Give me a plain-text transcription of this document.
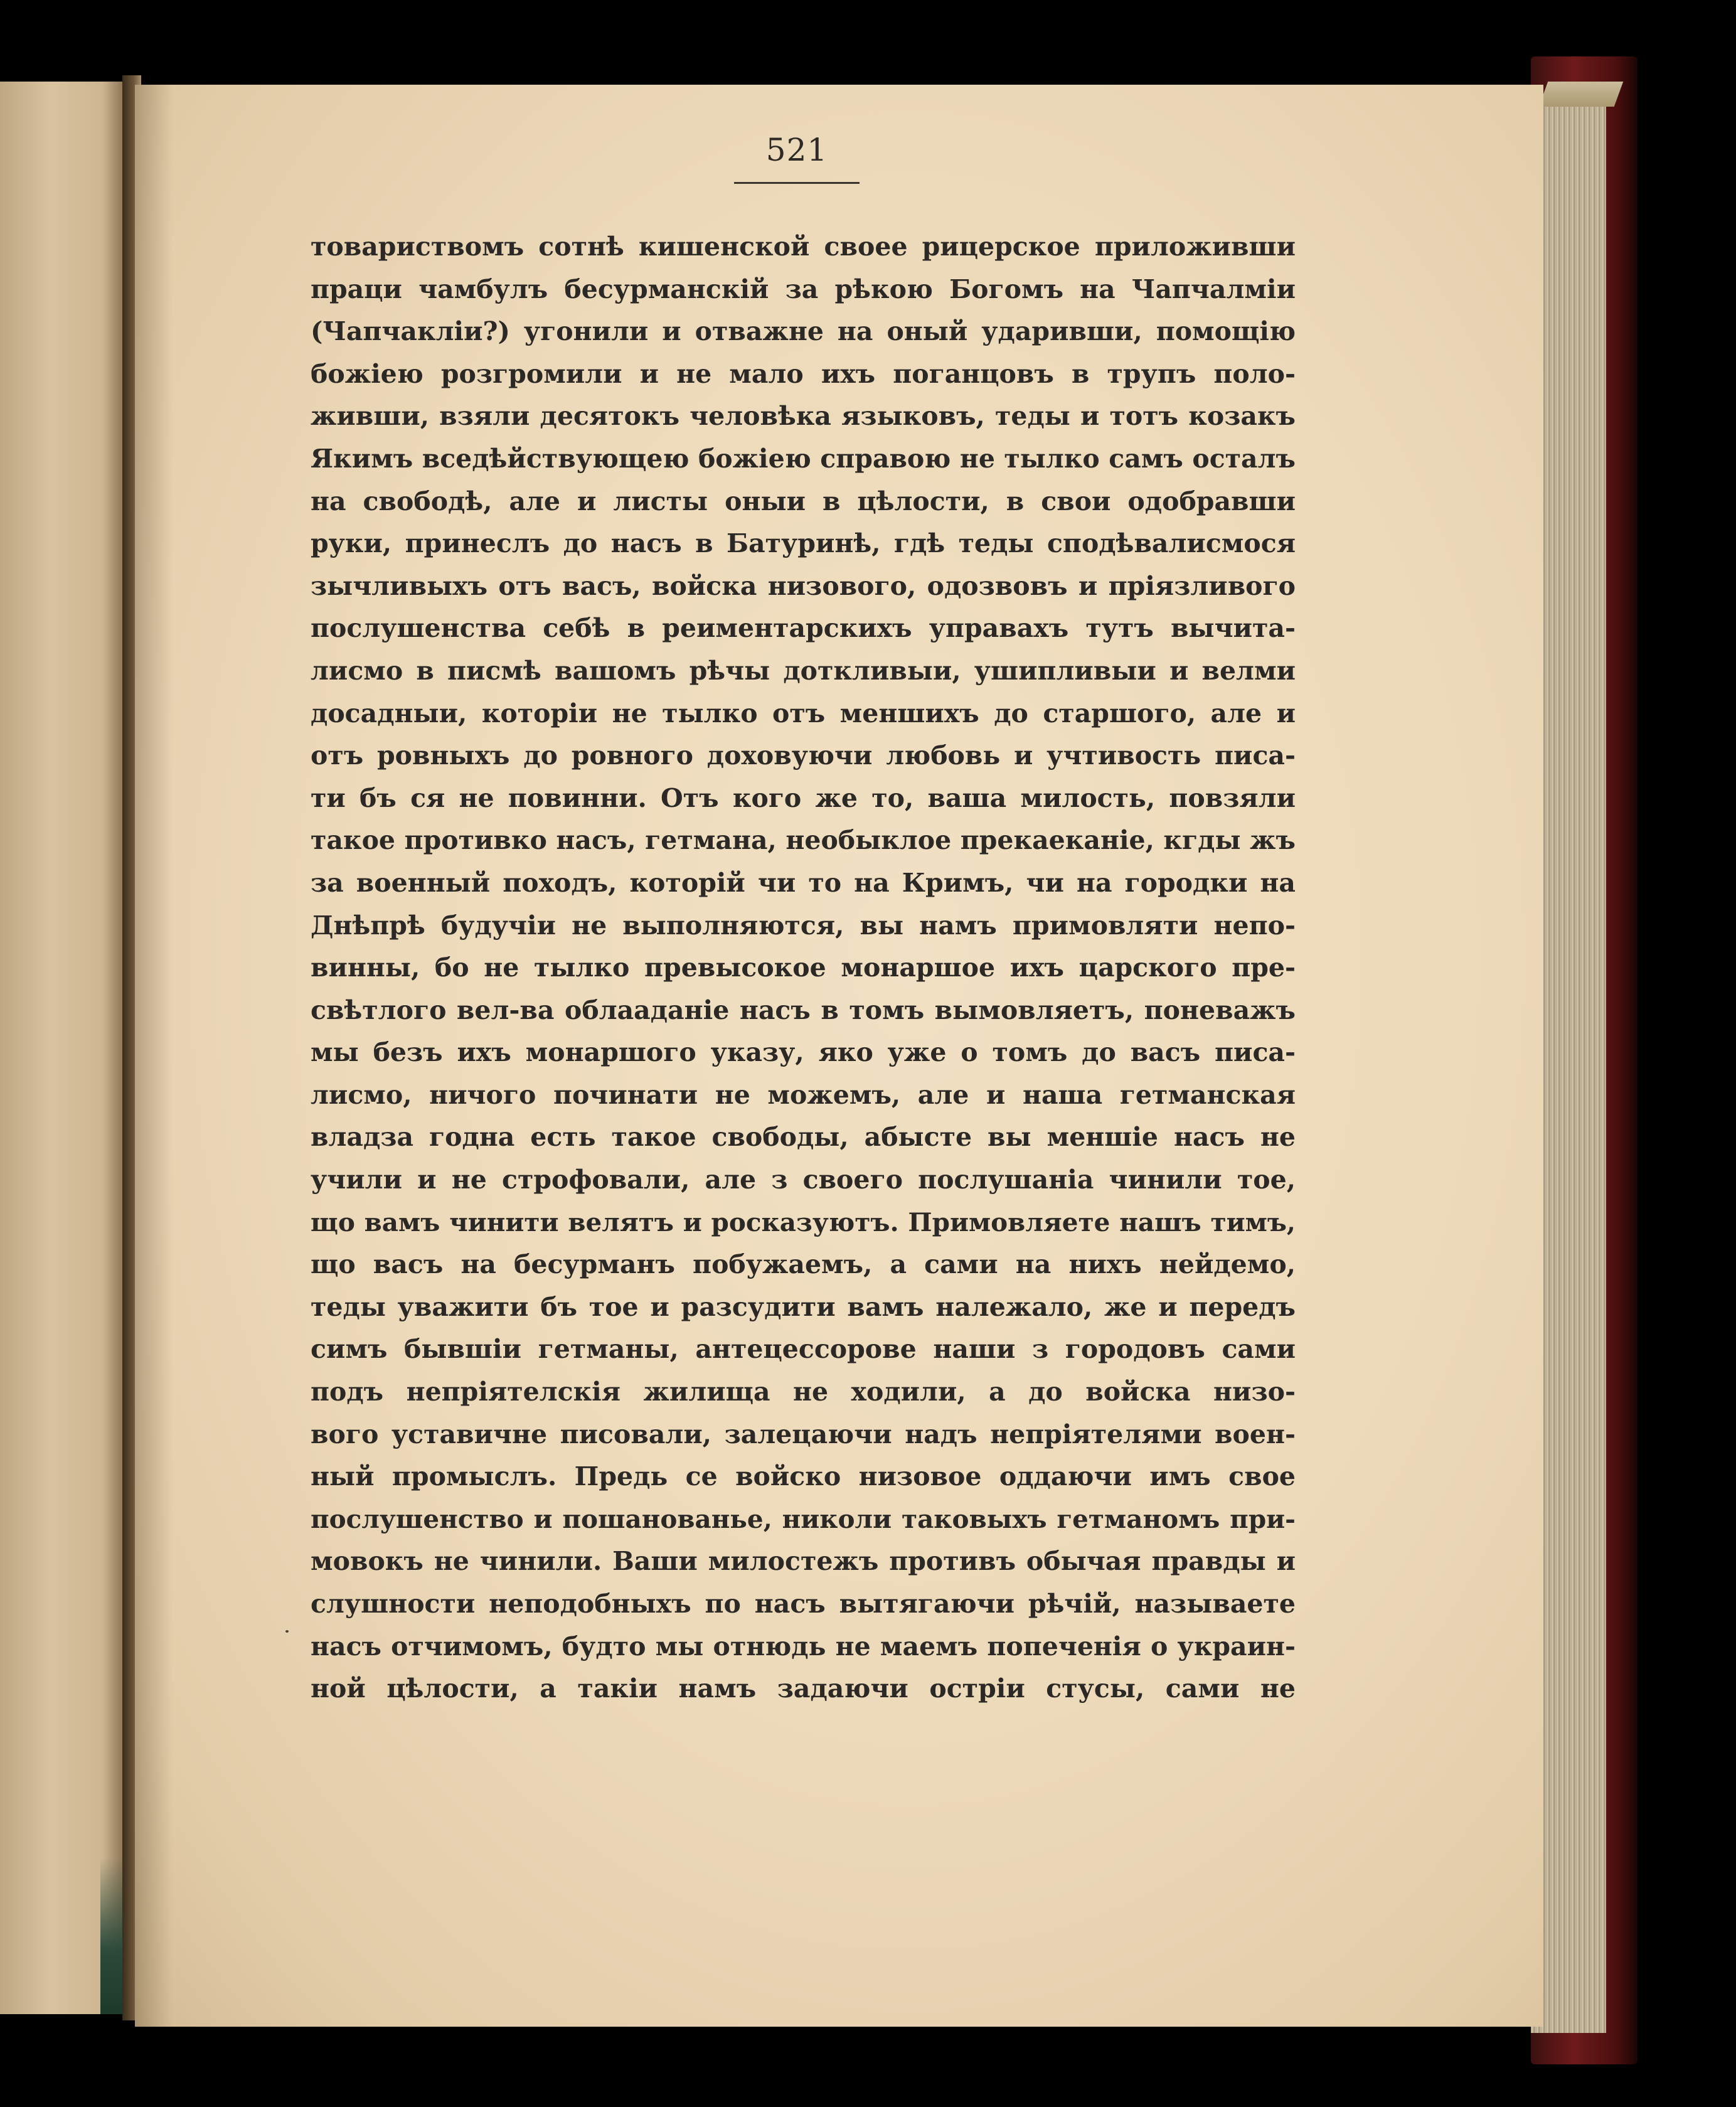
521
товариствомъ сотнѣ кишенской своее рицерское приложивши
праци чамбулъ бесурманскій за рѣкою Богомъ на Чапчалміи
(Чапчакліи?) угонили и отважне на оный ударивши, помощію
божіею розгромили и не мало ихъ поганцовъ в трупъ поло-
живши, взяли десятокъ человѣка языковъ, теды и тотъ козакъ
Якимъ вседѣйствующею божіею справою не тылко самъ осталъ
на свободѣ, але и листы оныи в цѣлости, в свои одобравши
руки, принеслъ до насъ в Батуринѣ, гдѣ теды сподѣвалисмося
зычливыхъ отъ васъ, войска низового, одозвовъ и пріязливого
послушенства себѣ в реиментарскихъ управахъ тутъ вычита-
лисмо в писмѣ вашомъ рѣчы доткливыи, ушипливыи и велми
досадныи, которіи не тылко отъ меншихъ до старшого, але и
отъ ровныхъ до ровного доховуючи любовь и учтивость писа-
ти бъ ся не повинни. Отъ кого же то, ваша милость, повзяли
такое противко насъ, гетмана, необыклое прекаеканіе, кгды жъ
за военный походъ, которій чи то на Кримъ, чи на городки на
Днѣпрѣ будучіи не выполняются, вы намъ примовляти непо-
винны, бо не тылко превысокое монаршое ихъ царского пре-
свѣтлого вел-ва облааданіе насъ в томъ вымовляетъ, поневажъ
мы безъ ихъ монаршого указу, яко уже о томъ до васъ писа-
лисмо, ничого починати не можемъ, але и наша гетманская
владза годна есть такое свободы, абысте вы меншіе насъ не
учили и не строфовали, але з своего послушаніа чинили тое,
що вамъ чинити велятъ и росказуютъ. Примовляете нашъ тимъ,
що васъ на бесурманъ побужаемъ, а сами на нихъ нейдемо,
теды уважити бъ тое и разсудити вамъ належало, же и передъ
симъ бывшіи гетманы, антецессорове наши з городовъ сами
подъ непріятелскія жилища не ходили, а до войска низо-
вого уставичне писовали, залецаючи надъ непріятелями воен-
ный промыслъ. Предь се войско низовое оддаючи имъ свое
послушенство и пошанованье, николи таковыхъ гетманомъ при-
мовокъ не чинили. Ваши милостежъ противъ обычая правды и
слушности неподобныхъ по насъ вытягаючи рѣчій, называете
насъ отчимомъ, будто мы отнюдь не маемъ попеченія о украин-
ной цѣлости, а такіи намъ задаючи остріи стусы, сами не
